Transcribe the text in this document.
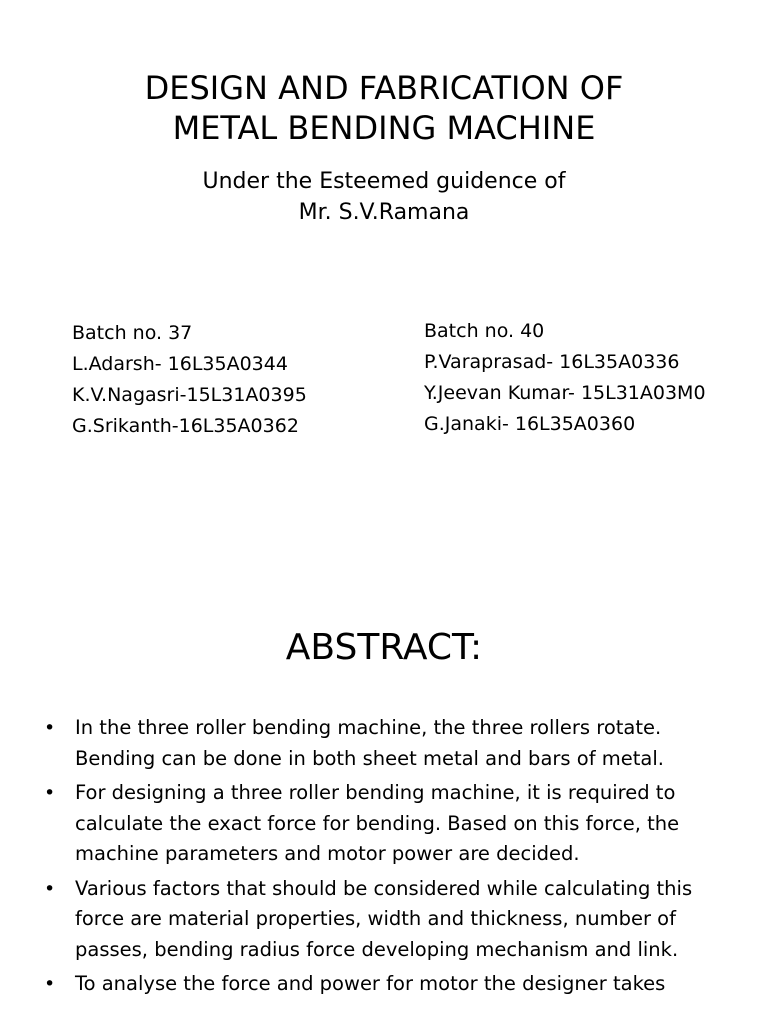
DESIGN AND FABRICATION OF
METAL BENDING MACHINE
Under the Esteemed guidence of
Mr. S.V.Ramana
Batch no. 37
L.Adarsh- 16L35A0344
K.V.Nagasri-15L31A0395
G.Srikanth-16L35A0362
Batch no. 40
P.Varaprasad- 16L35A0336
Y.Jeevan Kumar- 15L31A03M0
G.Janaki- 16L35A0360
ABSTRACT:
• In the three roller bending machine, the three rollers rotate. Bending can be done in both sheet metal and bars of metal.
• For designing a three roller bending machine, it is required to calculate the exact force for bending. Based on this force, the machine parameters and motor power are decided.
• Various factors that should be considered while calculating this force are material properties, width and thickness, number of passes, bending radius force developing mechanism and link.
• To analyse the force and power for motor the designer takes
